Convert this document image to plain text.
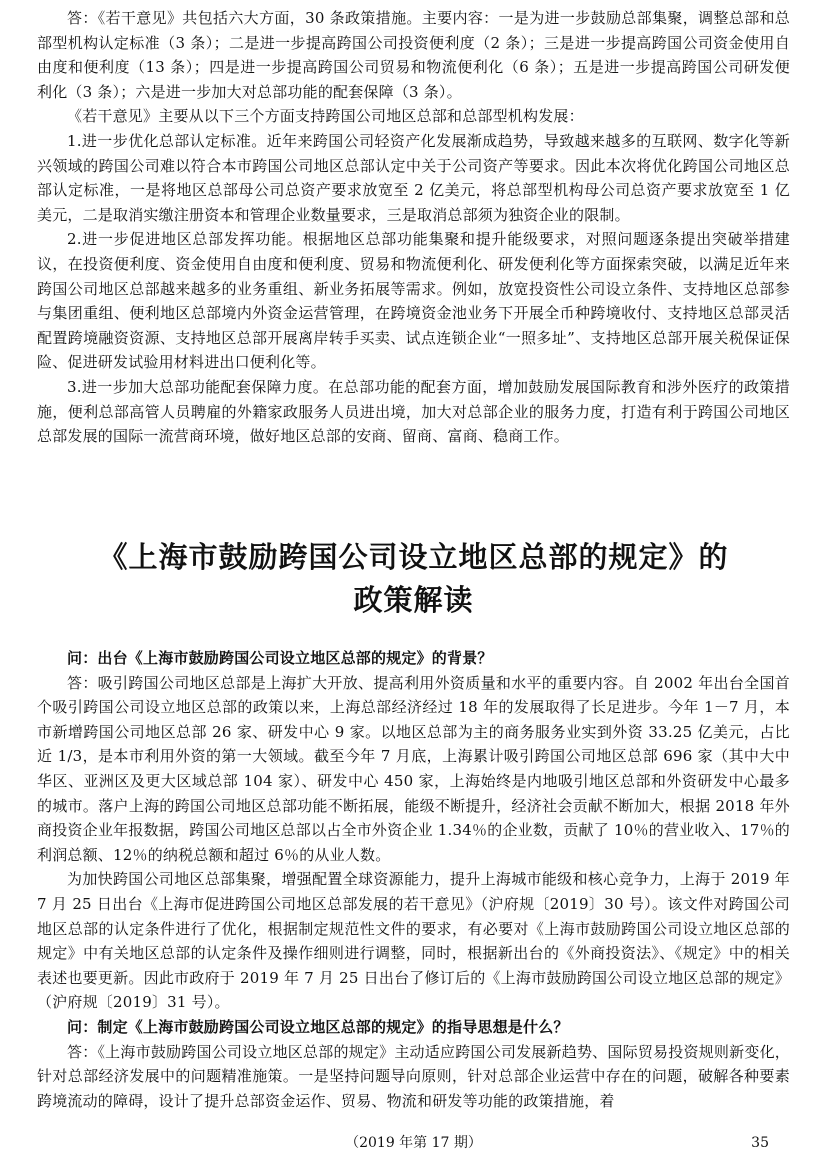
答：《若干意见》共包括六大方面，30 条政策措施。主要内容：一是为进一步鼓励总部集聚，调整总部和总部型机构认定标准（3 条）；二是进一步提高跨国公司投资便利度（2 条）；三是进一步提高跨国公司资金使用自由度和便利度（13 条）；四是进一步提高跨国公司贸易和物流便利化（6 条）；五是进一步提高跨国公司研发便利化（3 条）；六是进一步加大对总部功能的配套保障（3 条）。

《若干意见》主要从以下三个方面支持跨国公司地区总部和总部型机构发展：

1.进一步优化总部认定标准。近年来跨国公司轻资产化发展渐成趋势，导致越来越多的互联网、数字化等新兴领域的跨国公司难以符合本市跨国公司地区总部认定中关于公司资产等要求。因此本次将优化跨国公司地区总部认定标准，一是将地区总部母公司总资产要求放宽至 2 亿美元，将总部型机构母公司总资产要求放宽至 1 亿美元，二是取消实缴注册资本和管理企业数量要求，三是取消总部须为独资企业的限制。

2.进一步促进地区总部发挥功能。根据地区总部功能集聚和提升能级要求，对照问题逐条提出突破举措建议，在投资便利度、资金使用自由度和便利度、贸易和物流便利化、研发便利化等方面探索突破，以满足近年来跨国公司地区总部越来越多的业务重组、新业务拓展等需求。例如，放宽投资性公司设立条件、支持地区总部参与集团重组、便利地区总部境内外资金运营管理，在跨境资金池业务下开展全币种跨境收付、支持地区总部灵活配置跨境融资资源、支持地区总部开展离岸转手买卖、试点连锁企业“一照多址”、支持地区总部开展关税保证保险、促进研发试验用材料进出口便利化等。

3.进一步加大总部功能配套保障力度。在总部功能的配套方面，增加鼓励发展国际教育和涉外医疗的政策措施，便利总部高管人员聘雇的外籍家政服务人员进出境，加大对总部企业的服务力度，打造有利于跨国公司地区总部发展的国际一流营商环境，做好地区总部的安商、留商、富商、稳商工作。

《上海市鼓励跨国公司设立地区总部的规定》的
政策解读

问：出台《上海市鼓励跨国公司设立地区总部的规定》的背景？

答：吸引跨国公司地区总部是上海扩大开放、提高利用外资质量和水平的重要内容。自 2002 年出台全国首个吸引跨国公司设立地区总部的政策以来，上海总部经济经过 18 年的发展取得了长足进步。今年 1－7 月，本市新增跨国公司地区总部 26 家、研发中心 9 家。以地区总部为主的商务服务业实到外资 33.25 亿美元，占比近 1/3，是本市利用外资的第一大领域。截至今年 7 月底，上海累计吸引跨国公司地区总部 696 家（其中大中华区、亚洲区及更大区域总部 104 家）、研发中心 450 家，上海始终是内地吸引地区总部和外资研发中心最多的城市。落户上海的跨国公司地区总部功能不断拓展，能级不断提升，经济社会贡献不断加大，根据 2018 年外商投资企业年报数据，跨国公司地区总部以占全市外资企业 1.34％的企业数，贡献了 10％的营业收入、17％的利润总额、12％的纳税总额和超过 6％的从业人数。

为加快跨国公司地区总部集聚，增强配置全球资源能力，提升上海城市能级和核心竞争力，上海于 2019 年 7 月 25 日出台《上海市促进跨国公司地区总部发展的若干意见》（沪府规〔2019〕30 号）。该文件对跨国公司地区总部的认定条件进行了优化，根据制定规范性文件的要求，有必要对《上海市鼓励跨国公司设立地区总部的规定》中有关地区总部的认定条件及操作细则进行调整，同时，根据新出台的《外商投资法》、《规定》中的相关表述也要更新。因此市政府于 2019 年 7 月 25 日出台了修订后的《上海市鼓励跨国公司设立地区总部的规定》（沪府规〔2019〕31 号）。

问：制定《上海市鼓励跨国公司设立地区总部的规定》的指导思想是什么？

答：《上海市鼓励跨国公司设立地区总部的规定》主动适应跨国公司发展新趋势、国际贸易投资规则新变化，针对总部经济发展中的问题精准施策。一是坚持问题导向原则，针对总部企业运营中存在的问题，破解各种要素跨境流动的障碍，设计了提升总部资金运作、贸易、物流和研发等功能的政策措施，着

（2019 年第 17 期）	35
